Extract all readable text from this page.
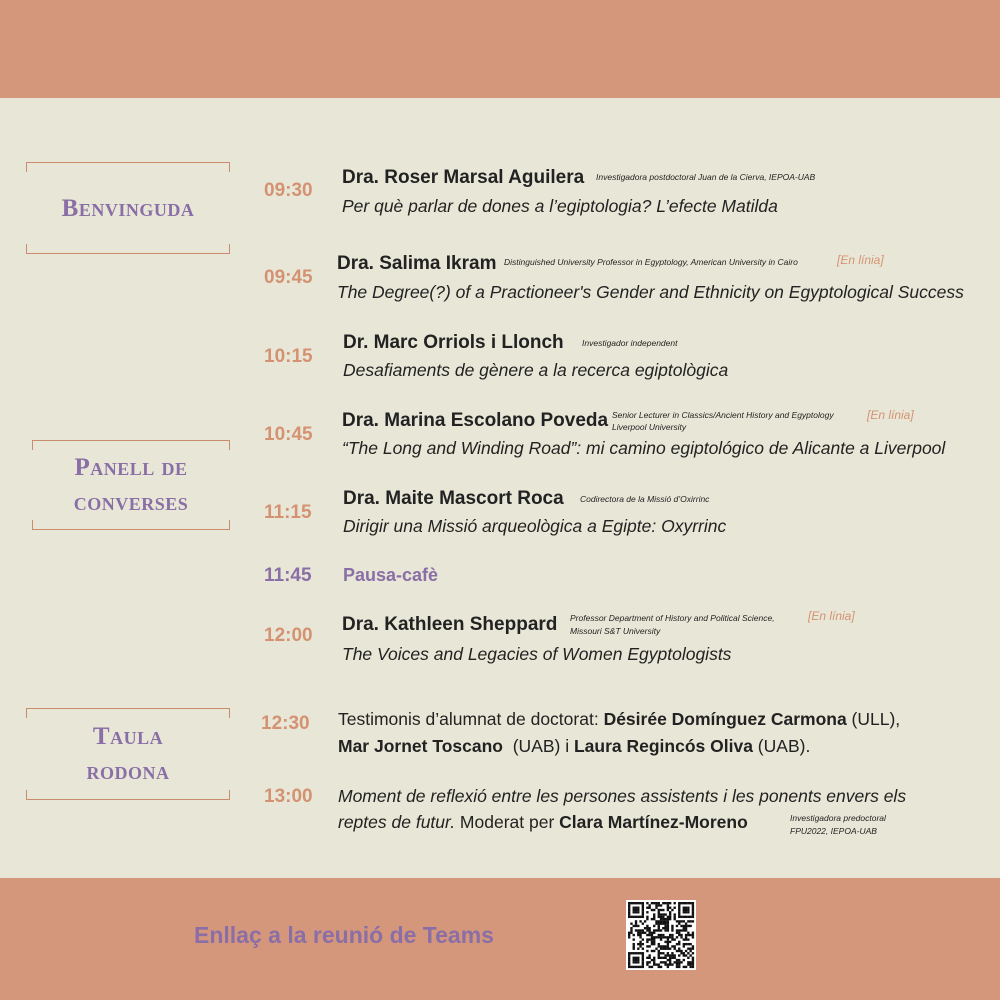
Benvinguda
Panell de
converses
Taula
rodona
09:30
Dra. Roser Marsal Aguilera Investigadora postdoctoral Juan de la Cierva, IEPOA-UAB
Per què parlar de dones a l’egiptologia? L’efecte Matilda
09:45
Dra. Salima Ikram Distinguished University Professor in Egyptology, American University in Cairo	[En línia]
The Degree(?) of a Practioneer's Gender and Ethnicity on Egyptological Success
10:15
Dr. Marc Orriols i Llonch Investigador independent
Desafiaments de gènere a la recerca egiptològica
10:45
Dra. Marina Escolano Poveda Senior Lecturer in Classics/Ancient History and Egyptology
Liverpool University
[En línia]
“The Long and Winding Road”: mi camino egiptológico de Alicante a Liverpool
11:15
Dra. Maite Mascort Roca Codirectora de la Missió d’Oxirrinc
Dirigir una Missió arqueològica a Egipte: Oxyrrinc
11:45 Pausa-cafè
12:00
Dra. Kathleen Sheppard Professor Department of History and Political Science,
Missouri S&T University
[En línia]
The Voices and Legacies of Women Egyptologists
12:30 Testimonis d’alumnat de doctorat: Désirée Domínguez Carmona (ULL),
Mar Jornet Toscano  (UAB) i Laura Regincós Oliva (UAB).
13:00 Moment de reflexió entre les persones assistents i les ponents envers els
reptes de futur. Moderat per Clara Martínez-Moreno	Investigadora predoctoral
FPU2022, IEPOA-UAB
Enllaç a la reunió de Teams
